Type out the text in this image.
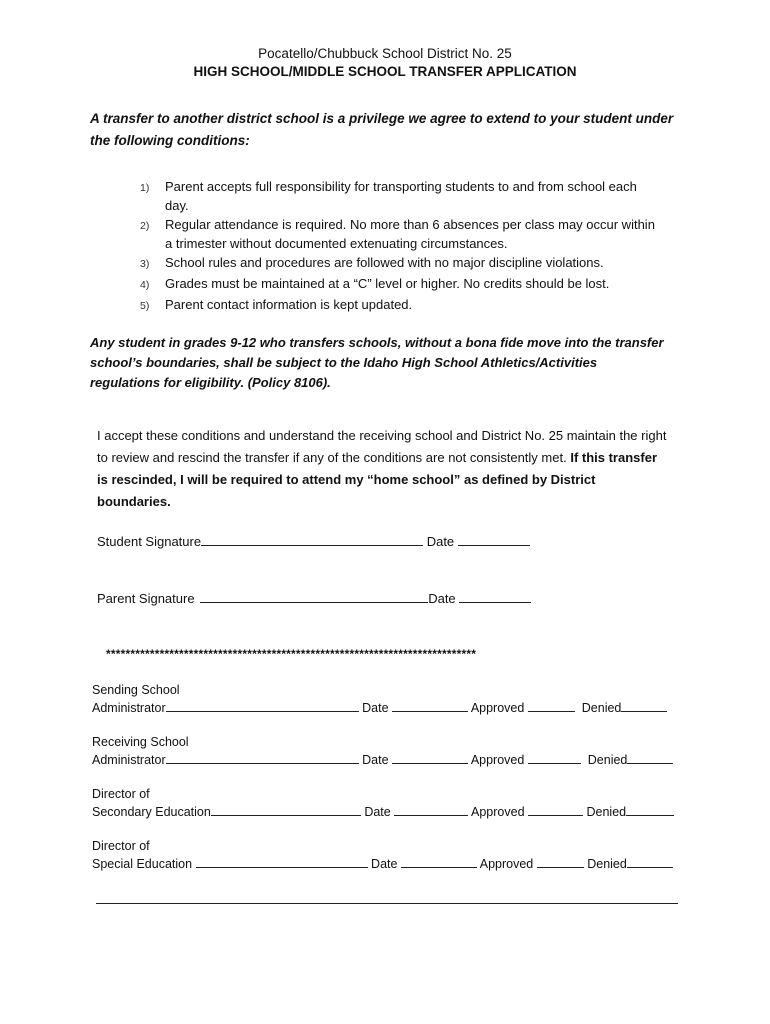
Pocatello/Chubbuck School District No. 25
HIGH SCHOOL/MIDDLE SCHOOL TRANSFER APPLICATION
A transfer to another district school is a privilege we agree to extend to your student under the following conditions:
1) Parent accepts full responsibility for transporting students to and from school each day.
2) Regular attendance is required. No more than 6 absences per class may occur within a trimester without documented extenuating circumstances.
3) School rules and procedures are followed with no major discipline violations.
4) Grades must be maintained at a “C” level or higher. No credits should be lost.
5) Parent contact information is kept updated.
Any student in grades 9-12 who transfers schools, without a bona fide move into the transfer school’s boundaries, shall be subject to the Idaho High School Athletics/Activities regulations for eligibility. (Policy 8106).
I accept these conditions and understand the receiving school and District No. 25 maintain the right to review and rescind the transfer if any of the conditions are not consistently met. If this transfer is rescinded, I will be required to attend my “home school” as defined by District boundaries.
Student Signature	Date
Parent Signature	Date
****************************************************************************
Sending School
Administrator	Date	Approved	Denied
Receiving School
Administrator	Date	Approved	Denied
Director of
Secondary Education	Date	Approved	Denied
Director of
Special Education	Date	Approved	Denied
